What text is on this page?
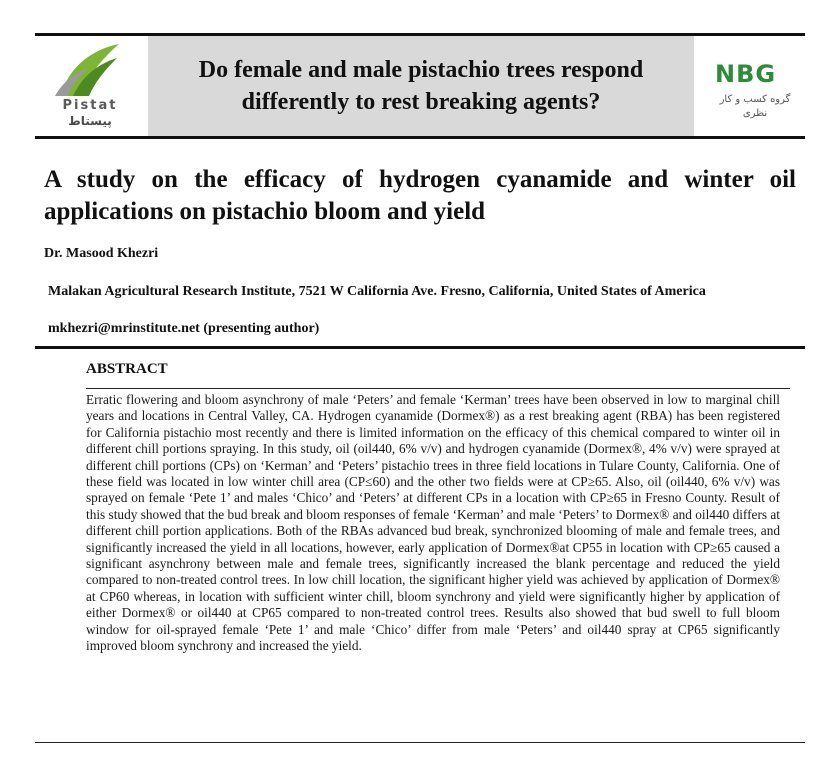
Pistat
پیستاط
Do female and male pistachio trees respond differently to rest breaking agents?
NBG
گروه کسب و کار
نظری
A study on the efficacy of hydrogen cyanamide and winter oil applications on pistachio bloom and yield
Dr. Masood Khezri
Malakan Agricultural Research Institute, 7521 W California Ave. Fresno, California, United States of America
mkhezri@mrinstitute.net (presenting author)
ABSTRACT
Erratic flowering and bloom asynchrony of male ‘Peters’ and female ‘Kerman’ trees have been observed in low to marginal chill years and locations in Central Valley, CA. Hydrogen cyanamide (Dormex®) as a rest breaking agent (RBA) has been registered for California pistachio most recently and there is limited information on the efficacy of this chemical compared to winter oil in different chill portions spraying. In this study, oil (oil440, 6% v/v) and hydrogen cyanamide (Dormex®, 4% v/v) were sprayed at different chill portions (CPs) on ‘Kerman’ and ‘Peters’ pistachio trees in three field locations in Tulare County, California. One of these field was located in low winter chill area (CP≤60) and the other two fields were at CP≥65. Also, oil (oil440, 6% v/v) was sprayed on female ‘Pete 1’ and males ‘Chico’ and ‘Peters’ at different CPs in a location with CP≥65 in Fresno County. Result of this study showed that the bud break and bloom responses of female ‘Kerman’ and male ‘Peters’ to Dormex® and oil440 differs at different chill portion applications. Both of the RBAs advanced bud break, synchronized blooming of male and female trees, and significantly increased the yield in all locations, however, early application of Dormex®at CP55 in location with CP≥65 caused a significant asynchrony between male and female trees, significantly increased the blank percentage and reduced the yield compared to non-treated control trees. In low chill location, the significant higher yield was achieved by application of Dormex® at CP60 whereas, in location with sufficient winter chill, bloom synchrony and yield were significantly higher by application of either Dormex® or oil440 at CP65 compared to non-treated control trees. Results also showed that bud swell to full bloom window for oil-sprayed female ‘Pete 1’ and male ‘Chico’ differ from male ‘Peters’ and oil440 spray at CP65 significantly improved bloom synchrony and increased the yield.
